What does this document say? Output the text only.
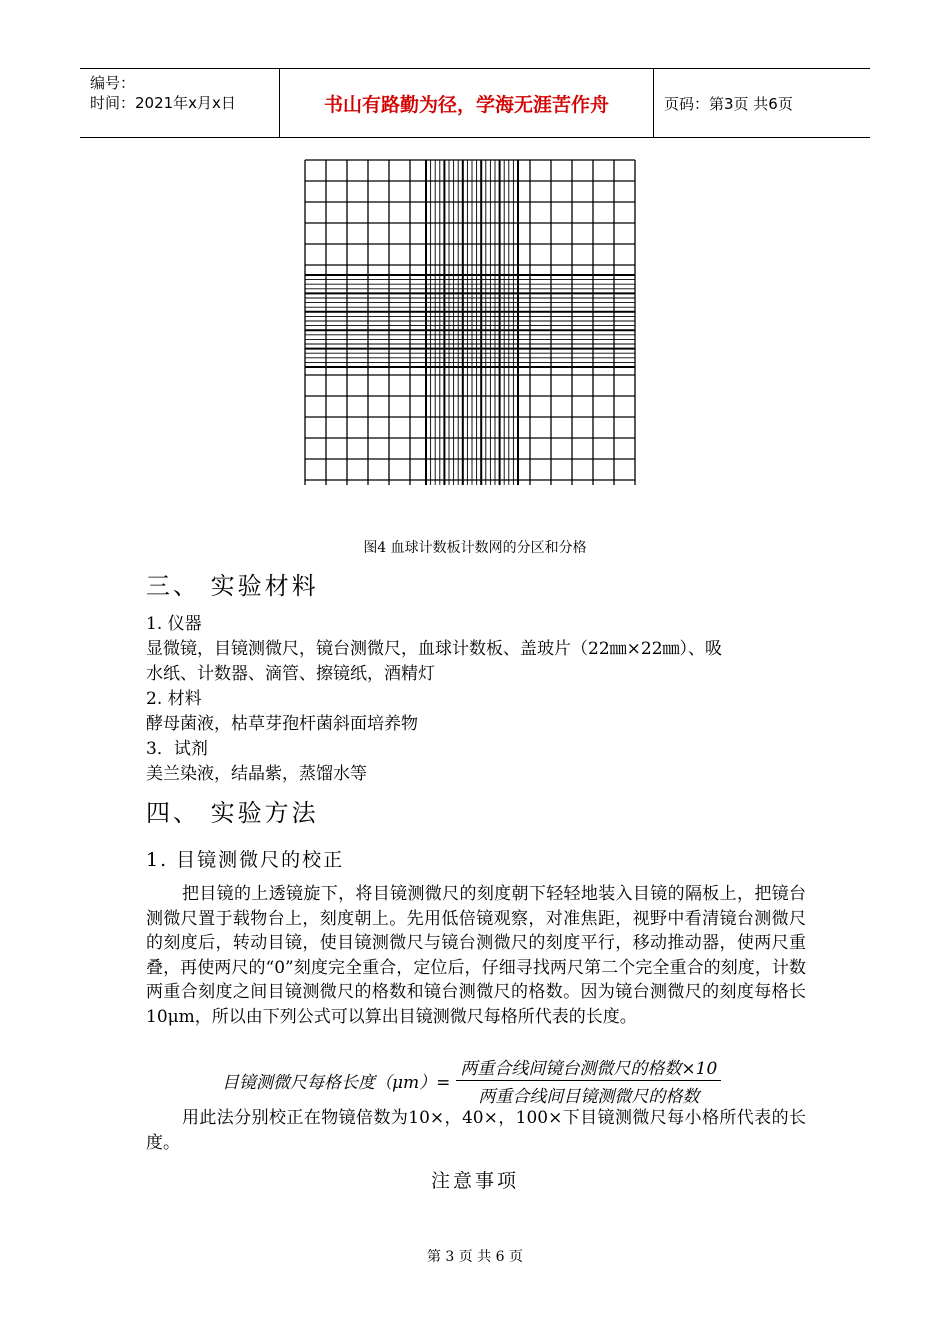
编号：
时间：2021年x月x日	书山有路勤为径，学海无涯苦作舟	页码：第3页 共6页
图4 血球计数板计数网的分区和分格
三、 实验材料
1. 仪器
显微镜，目镜测微尺，镜台测微尺，血球计数板、盖玻片（22㎜×22㎜）、吸
水纸、计数器、滴管、擦镜纸，酒精灯
2. 材料
酵母菌液，枯草芽孢杆菌斜面培养物
3．试剂
美兰染液，结晶紫，蒸馏水等
四、 实验方法
1. 目镜测微尺的校正
把目镜的上透镜旋下，将目镜测微尺的刻度朝下轻轻地装入目镜的隔板上，把镜台测微尺置于载物台上，刻度朝上。先用低倍镜观察，对准焦距，视野中看清镜台测微尺的刻度后，转动目镜，使目镜测微尺与镜台测微尺的刻度平行，移动推动器，使两尺重叠，再使两尺的“0”刻度完全重合，定位后，仔细寻找两尺第二个完全重合的刻度，计数两重合刻度之间目镜测微尺的格数和镜台测微尺的格数。因为镜台测微尺的刻度每格长10μm，所以由下列公式可以算出目镜测微尺每格所代表的长度。
目镜测微尺每格长度$(\mu m)= \frac{\text{两重合线间镜台测微尺的格数×10}}{\text{两重合线间目镜测微尺的格数}}$
用此法分别校正在物镜倍数为10×，40×，100×下目镜测微尺每小格所代表的长度。
注意事项
第 3 页 共 6 页
